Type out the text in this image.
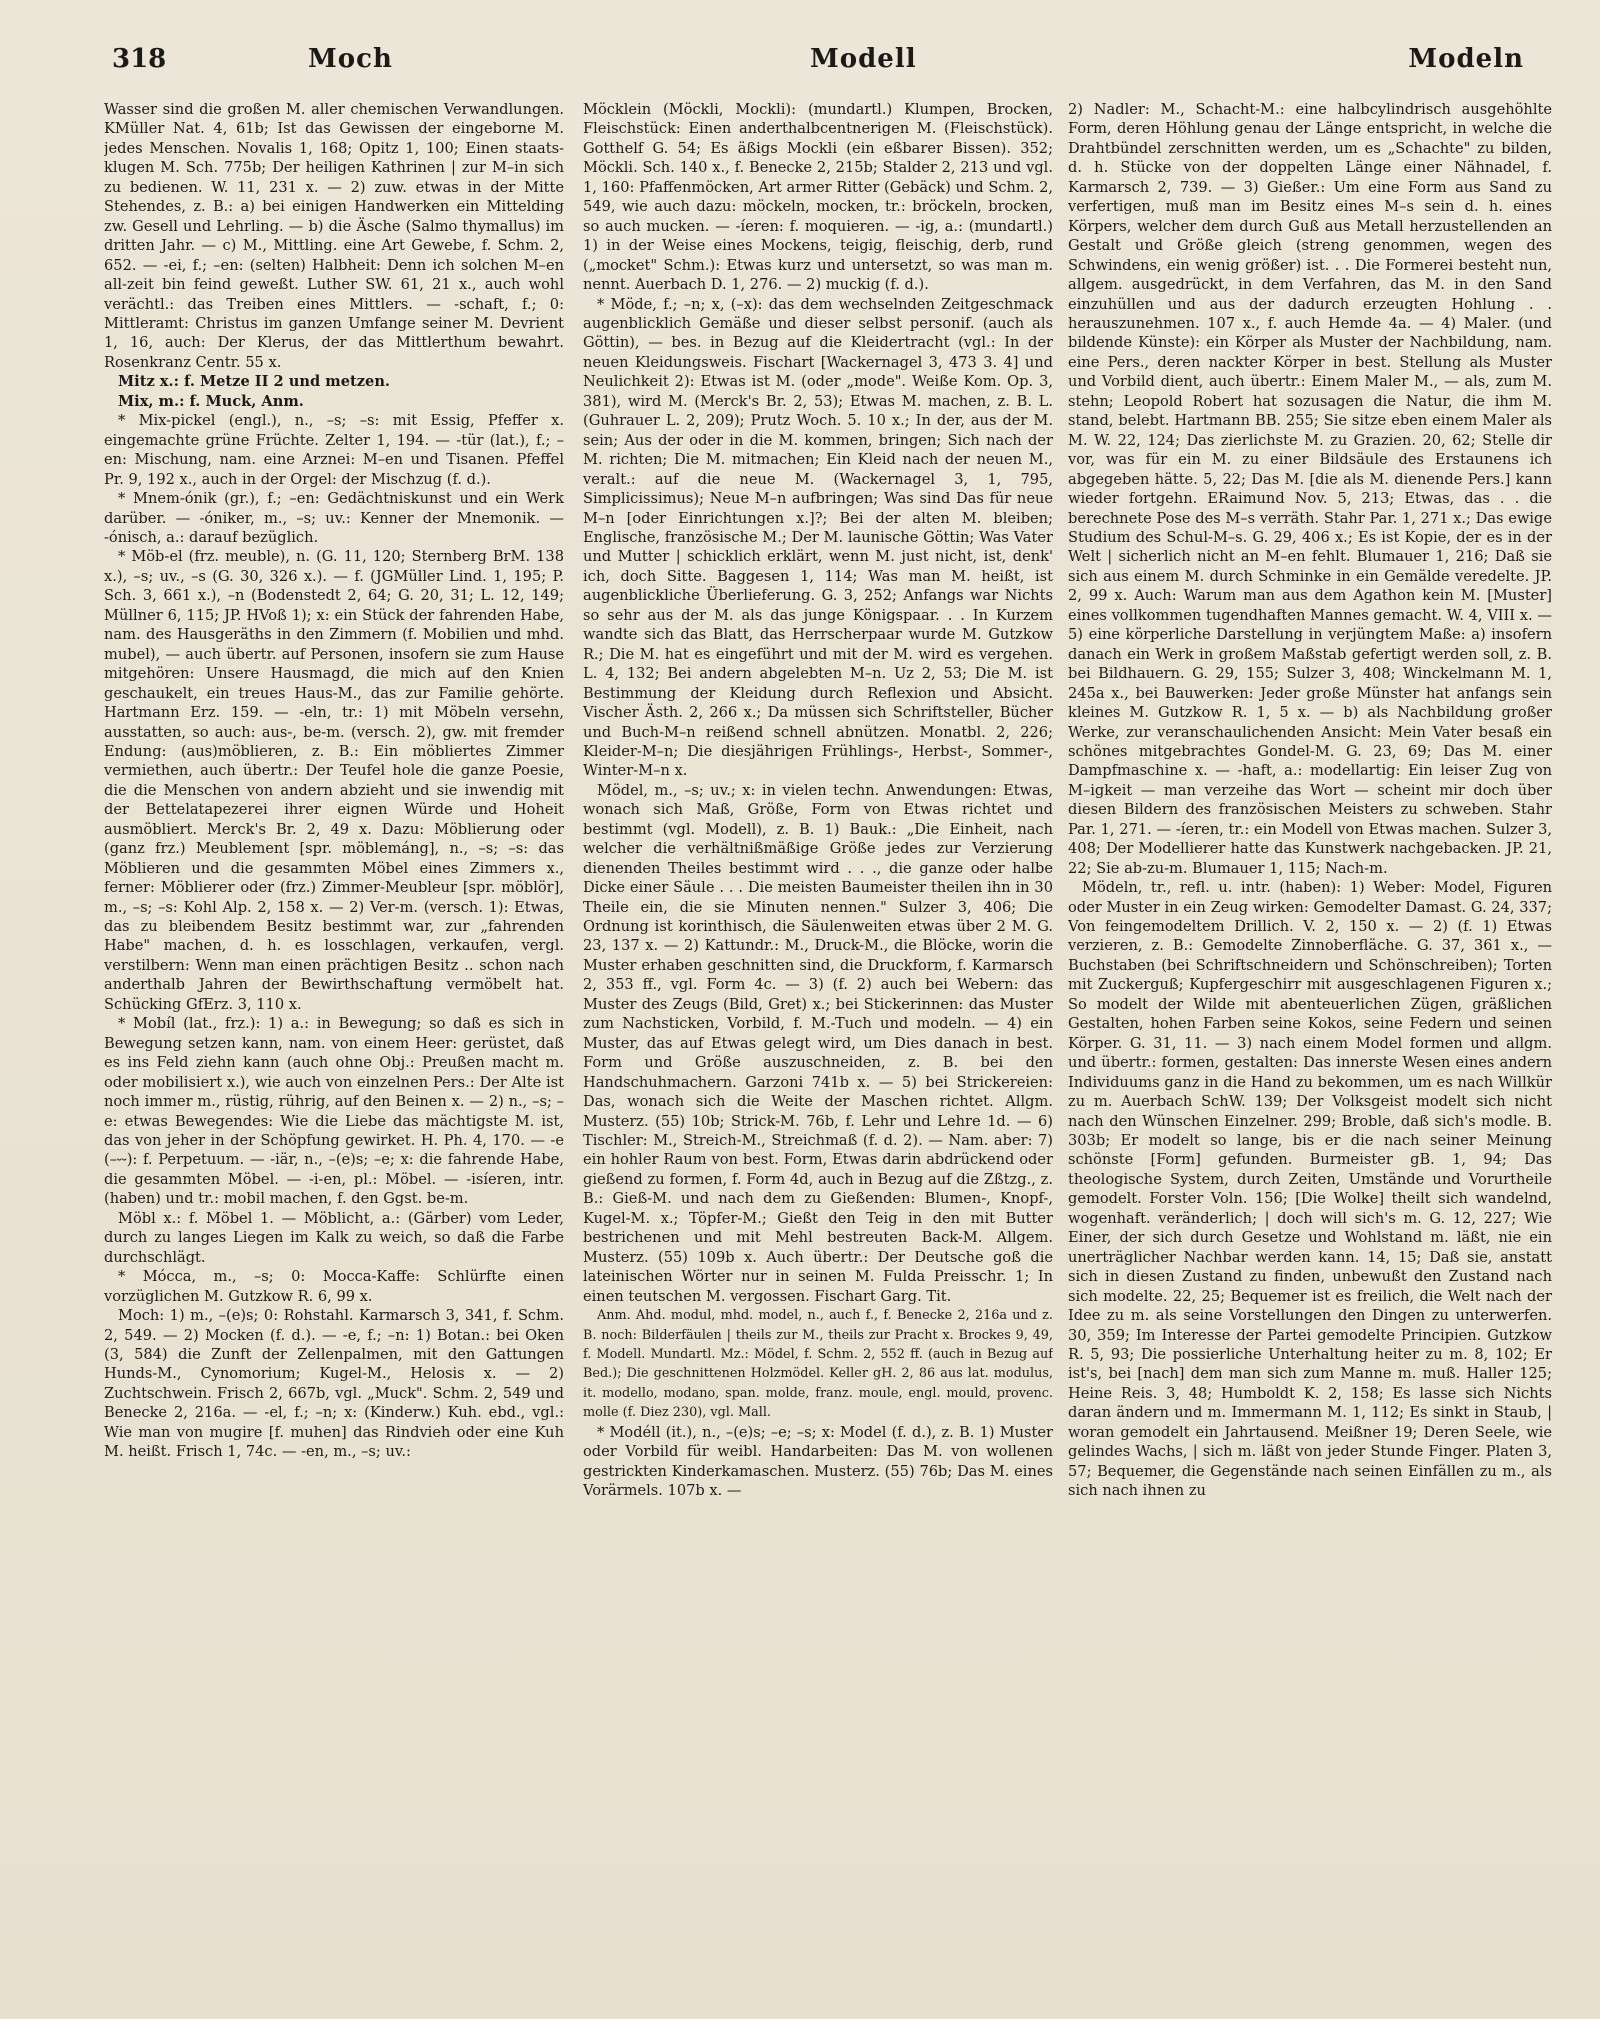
318	Moch	Modell	Modeln

Wasser sind die großen M. aller chemischen Verwandlungen. KMüller Nat. 4, 61b; Ist das Gewissen der eingeborne M. jedes Menschen. Novalis 1, 168; Opitz 1, 100; Einen staats-klugen M. Sch. 775b; Der heiligen Kathrinen | zur M–in sich zu bedienen. W. 11, 231 x. — 2) zuw. etwas in der Mitte Stehendes, z. B.: a) bei einigen Handwerken ein Mittelding zw. Gesell und Lehrling. — b) die Äsche (Salmo thymallus) im dritten Jahr. — c) M., Mittling. eine Art Gewebe, f. Schm. 2, 652. — -ei, f.; –en: (selten) Halbheit: Denn ich solchen M–en all-zeit bin feind geweßt. Luther SW. 61, 21 x., auch wohl verächtl.: das Treiben eines Mittlers. — -schaft, f.; 0: Mittleramt: Christus im ganzen Umfange seiner M. Devrient 1, 16, auch: Der Klerus, der das Mittlerthum bewahrt. Rosenkranz Centr. 55 x.

Mitz x.: f. Metze II 2 und metzen.

Mix, m.: f. Muck, Anm.

* Mix-pickel (engl.), n., –s; –s: mit Essig, Pfeffer x. eingemachte grüne Früchte. Zelter 1, 194. — -tür (lat.), f.; –en: Mischung, nam. eine Arznei: M–en und Tisanen. Pfeffel Pr. 9, 192 x., auch in der Orgel: der Mischzug (f. d.).

* Mnem-ónik (gr.), f.; –en: Gedächtniskunst und ein Werk darüber. — -óniker, m., –s; uv.: Kenner der Mnemonik. — -ónisch, a.: darauf bezüglich.

* Möb-el (frz. meuble), n. (G. 11, 120; Sternberg BrM. 138 x.), –s; uv., –s (G. 30, 326 x.). — f. (JGMüller Lind. 1, 195; P. Sch. 3, 661 x.), –n (Bodenstedt 2, 64; G. 20, 31; L. 12, 149; Müllner 6, 115; JP. HVoß 1); x: ein Stück der fahrenden Habe, nam. des Hausgeräths in den Zimmern (f. Mobilien und mhd. mubel), — auch übertr. auf Personen, insofern sie zum Hause mitgehören: Unsere Hausmagd, die mich auf den Knien geschaukelt, ein treues Haus-M., das zur Familie gehörte. Hartmann Erz. 159. — -eln, tr.: 1) mit Möbeln versehn, ausstatten, so auch: aus-, be-m. (versch. 2), gw. mit fremder Endung: (aus)möblieren, z. B.: Ein möbliertes Zimmer vermiethen, auch übertr.: Der Teufel hole die ganze Poesie, die die Menschen von andern abzieht und sie inwendig mit der Bettelatapezerei ihrer eignen Würde und Hoheit ausmöbliert. Merck's Br. 2, 49 x. Dazu: Möblierung oder (ganz frz.) Meublement [spr. möblemáng], n., –s; –s: das Möblieren und die gesammten Möbel eines Zimmers x., ferner: Möblierer oder (frz.) Zimmer-Meubleur [spr. möblör], m., –s; –s: Kohl Alp. 2, 158 x. — 2) Ver-m. (versch. 1): Etwas, das zu bleibendem Besitz bestimmt war, zur „fahrenden Habe" machen, d. h. es losschlagen, verkaufen, vergl. verstilbern: Wenn man einen prächtigen Besitz .. schon nach anderthalb Jahren der Bewirthschaftung vermöbelt hat. Schücking GfErz. 3, 110 x.

* Mobíl (lat., frz.): 1) a.: in Bewegung; so daß es sich in Bewegung setzen kann, nam. von einem Heer: gerüstet, daß es ins Feld ziehn kann (auch ohne Obj.: Preußen macht m. oder mobilisiert x.), wie auch von einzelnen Pers.: Der Alte ist noch immer m., rüstig, rührig, auf den Beinen x. — 2) n., –s; –e: etwas Bewegendes: Wie die Liebe das mächtigste M. ist, das von jeher in der Schöpfung gewirket. H. Ph. 4, 170. — -e (–⏑⏑): f. Perpetuum. — -iär, n., –(e)s; –e; x: die fahrende Habe, die gesammten Möbel. — -i-en, pl.: Möbel. — -isíeren, intr. (haben) und tr.: mobil machen, f. den Ggst. be-m.

Möbl x.: f. Möbel 1. — Möblicht, a.: (Gärber) vom Leder, durch zu langes Liegen im Kalk zu weich, so daß die Farbe durchschlägt.

* Mócca, m., –s; 0: Mocca-Kaffe: Schlürfte einen vorzüglichen M. Gutzkow R. 6, 99 x.

Moch: 1) m., –(e)s; 0: Rohstahl. Karmarsch 3, 341, f. Schm. 2, 549. — 2) Mocken (f. d.). — -e, f.; –n: 1) Botan.: bei Oken (3, 584) die Zunft der Zellenpalmen, mit den Gattungen Hunds-M., Cynomorium; Kugel-M., Helosis x. — 2) Zuchtschwein. Frisch 2, 667b, vgl. „Muck". Schm. 2, 549 und Benecke 2, 216a. — -el, f.; –n; x: (Kinderw.) Kuh. ebd., vgl.: Wie man von mugire [f. muhen] das Rindvieh oder eine Kuh M. heißt. Frisch 1, 74c. — -en, m., –s; uv.:

Möcklein (Möckli, Mockli): (mundartl.) Klumpen, Brocken, Fleischstück: Einen anderthalbcentnerigen M. (Fleischstück). Gotthelf G. 54; Es äßigs Mockli (ein eßbarer Bissen). 352; Möckli. Sch. 140 x., f. Benecke 2, 215b; Stalder 2, 213 und vgl. 1, 160: Pfaffenmöcken, Art armer Ritter (Gebäck) und Schm. 2, 549, wie auch dazu: möckeln, mocken, tr.: bröckeln, brocken, so auch mucken. — -íeren: f. moquieren. — -ig, a.: (mundartl.) 1) in der Weise eines Mockens, teigig, fleischig, derb, rund („mocket" Schm.): Etwas kurz und untersetzt, so was man m. nennt. Auerbach D. 1, 276. — 2) muckig (f. d.).

* Möde, f.; –n; x, (–x): das dem wechselnden Zeitgeschmack augenblicklich Gemäße und dieser selbst personif. (auch als Göttin), — bes. in Bezug auf die Kleidertracht (vgl.: In der neuen Kleidungsweis. Fischart [Wackernagel 3, 473 3. 4] und Neulichkeit 2): Etwas ist M. (oder „mode". Weiße Kom. Op. 3, 381), wird M. (Merck's Br. 2, 53); Etwas M. machen, z. B. L. (Guhrauer L. 2, 209); Prutz Woch. 5. 10 x.; In der, aus der M. sein; Aus der oder in die M. kommen, bringen; Sich nach der M. richten; Die M. mitmachen; Ein Kleid nach der neuen M., veralt.: auf die neue M. (Wackernagel 3, 1, 795, Simplicissimus); Neue M–n aufbringen; Was sind Das für neue M–n [oder Einrichtungen x.]?; Bei der alten M. bleiben; Englische, französische M.; Der M. launische Göttin; Was Vater und Mutter | schicklich erklärt, wenn M. just nicht, ist, denk' ich, doch Sitte. Baggesen 1, 114; Was man M. heißt, ist augenblickliche Überlieferung. G. 3, 252; Anfangs war Nichts so sehr aus der M. als das junge Königspaar. . . In Kurzem wandte sich das Blatt, das Herrscherpaar wurde M. Gutzkow R.; Die M. hat es eingeführt und mit der M. wird es vergehen. L. 4, 132; Bei andern abgelebten M–n. Uz 2, 53; Die M. ist Bestimmung der Kleidung durch Reflexion und Absicht. Vischer Ästh. 2, 266 x.; Da müssen sich Schriftsteller, Bücher und Buch-M–n reißend schnell abnützen. Monatbl. 2, 226; Kleider-M–n; Die diesjährigen Frühlings-, Herbst-, Sommer-, Winter-M–n x.

Mödel, m., –s; uv.; x: in vielen techn. Anwendungen: Etwas, wonach sich Maß, Größe, Form von Etwas richtet und bestimmt (vgl. Modell), z. B. 1) Bauk.: „Die Einheit, nach welcher die verhältnißmäßige Größe jedes zur Verzierung dienenden Theiles bestimmt wird . . ., die ganze oder halbe Dicke einer Säule . . . Die meisten Baumeister theilen ihn in 30 Theile ein, die sie Minuten nennen." Sulzer 3, 406; Die Ordnung ist korinthisch, die Säulenweiten etwas über 2 M. G. 23, 137 x. — 2) Kattundr.: M., Druck-M., die Blöcke, worin die Muster erhaben geschnitten sind, die Druckform, f. Karmarsch 2, 353 ff., vgl. Form 4c. — 3) (f. 2) auch bei Webern: das Muster des Zeugs (Bild, Gret) x.; bei Stickerinnen: das Muster zum Nachsticken, Vorbild, f. M.-Tuch und modeln. — 4) ein Muster, das auf Etwas gelegt wird, um Dies danach in best. Form und Größe auszuschneiden, z. B. bei den Handschuhmachern. Garzoni 741b x. — 5) bei Strickereien: Das, wonach sich die Weite der Maschen richtet. Allgm. Musterz. (55) 10b; Strick-M. 76b, f. Lehr und Lehre 1d. — 6) Tischler: M., Streich-M., Streichmaß (f. d. 2). — Nam. aber: 7) ein hohler Raum von best. Form, Etwas darin abdrückend oder gießend zu formen, f. Form 4d, auch in Bezug auf die Zßtzg., z. B.: Gieß-M. und nach dem zu Gießenden: Blumen-, Knopf-, Kugel-M. x.; Töpfer-M.; Gießt den Teig in den mit Butter bestrichenen und mit Mehl bestreuten Back-M. Allgem. Musterz. (55) 109b x. Auch übertr.: Der Deutsche goß die lateinischen Wörter nur in seinen M. Fulda Preisschr. 1; In einen teutschen M. vergossen. Fischart Garg. Tit.

Anm. Ahd. modul, mhd. model, n., auch f., f. Benecke 2, 216a und z. B. noch: Bilderfäulen | theils zur M., theils zur Pracht x. Brockes 9, 49, f. Modell. Mundartl. Mz.: Mödel, f. Schm. 2, 552 ff. (auch in Bezug auf Bed.); Die geschnittenen Holzmödel. Keller gH. 2, 86 aus lat. modulus, it. modello, modano, span. molde, franz. moule, engl. mould, provenc. molle (f. Diez 230), vgl. Mall.

* Modéll (it.), n., –(e)s; –e; –s; x: Model (f. d.), z. B. 1) Muster oder Vorbild für weibl. Handarbeiten: Das M. von wollenen gestrickten Kinderkamaschen. Musterz. (55) 76b; Das M. eines Vorärmels. 107b x. —

2) Nadler: M., Schacht-M.: eine halbcylindrisch ausgehöhlte Form, deren Höhlung genau der Länge entspricht, in welche die Drahtbündel zerschnitten werden, um es „Schachte" zu bilden, d. h. Stücke von der doppelten Länge einer Nähnadel, f. Karmarsch 2, 739. — 3) Gießer.: Um eine Form aus Sand zu verfertigen, muß man im Besitz eines M–s sein d. h. eines Körpers, welcher dem durch Guß aus Metall herzustellenden an Gestalt und Größe gleich (streng genommen, wegen des Schwindens, ein wenig größer) ist. . . Die Formerei besteht nun, allgem. ausgedrückt, in dem Verfahren, das M. in den Sand einzuhüllen und aus der dadurch erzeugten Hohlung . . herauszunehmen. 107 x., f. auch Hemde 4a. — 4) Maler. (und bildende Künste): ein Körper als Muster der Nachbildung, nam. eine Pers., deren nackter Körper in best. Stellung als Muster und Vorbild dient, auch übertr.: Einem Maler M., — als, zum M. stehn; Leopold Robert hat sozusagen die Natur, die ihm M. stand, belebt. Hartmann BB. 255; Sie sitze eben einem Maler als M. W. 22, 124; Das zierlichste M. zu Grazien. 20, 62; Stelle dir vor, was für ein M. zu einer Bildsäule des Erstaunens ich abgegeben hätte. 5, 22; Das M. [die als M. dienende Pers.] kann wieder fortgehn. ERaimund Nov. 5, 213; Etwas, das . . die berechnete Pose des M–s verräth. Stahr Par. 1, 271 x.; Das ewige Studium des Schul-M–s. G. 29, 406 x.; Es ist Kopie, der es in der Welt | sicherlich nicht an M–en fehlt. Blumauer 1, 216; Daß sie sich aus einem M. durch Schminke in ein Gemälde veredelte. JP. 2, 99 x. Auch: Warum man aus dem Agathon kein M. [Muster] eines vollkommen tugendhaften Mannes gemacht. W. 4, VIII x. — 5) eine körperliche Darstellung in verjüngtem Maße: a) insofern danach ein Werk in großem Maßstab gefertigt werden soll, z. B. bei Bildhauern. G. 29, 155; Sulzer 3, 408; Winckelmann M. 1, 245a x., bei Bauwerken: Jeder große Münster hat anfangs sein kleines M. Gutzkow R. 1, 5 x. — b) als Nachbildung großer Werke, zur veranschaulichenden Ansicht: Mein Vater besaß ein schönes mitgebrachtes Gondel-M. G. 23, 69; Das M. einer Dampfmaschine x. — -haft, a.: modellartig: Ein leiser Zug von M–igkeit — man verzeihe das Wort — scheint mir doch über diesen Bildern des französischen Meisters zu schweben. Stahr Par. 1, 271. — -íeren, tr.: ein Modell von Etwas machen. Sulzer 3, 408; Der Modellierer hatte das Kunstwerk nachgebacken. JP. 21, 22; Sie ab-zu-m. Blumauer 1, 115; Nach-m.

Mödeln, tr., refl. u. intr. (haben): 1) Weber: Model, Figuren oder Muster in ein Zeug wirken: Gemodelter Damast. G. 24, 337; Von feingemodeltem Drillich. V. 2, 150 x. — 2) (f. 1) Etwas verzieren, z. B.: Gemodelte Zinnoberfläche. G. 37, 361 x., — Buchstaben (bei Schriftschneidern und Schönschreiben); Torten mit Zuckerguß; Kupfergeschirr mit ausgeschlagenen Figuren x.; So modelt der Wilde mit abenteuerlichen Zügen, gräßlichen Gestalten, hohen Farben seine Kokos, seine Federn und seinen Körper. G. 31, 11. — 3) nach einem Model formen und allgm. und übertr.: formen, gestalten: Das innerste Wesen eines andern Individuums ganz in die Hand zu bekommen, um es nach Willkür zu m. Auerbach SchW. 139; Der Volksgeist modelt sich nicht nach den Wünschen Einzelner. 299; Broble, daß sich's modle. B. 303b; Er modelt so lange, bis er die nach seiner Meinung schönste [Form] gefunden. Burmeister gB. 1, 94; Das theologische System, durch Zeiten, Umstände und Vorurtheile gemodelt. Forster Voln. 156; [Die Wolke] theilt sich wandelnd, wogenhaft. veränderlich; | doch will sich's m. G. 12, 227; Wie Einer, der sich durch Gesetze und Wohlstand m. läßt, nie ein unerträglicher Nachbar werden kann. 14, 15; Daß sie, anstatt sich in diesen Zustand zu finden, unbewußt den Zustand nach sich modelte. 22, 25; Bequemer ist es freilich, die Welt nach der Idee zu m. als seine Vorstellungen den Dingen zu unterwerfen. 30, 359; Im Interesse der Partei gemodelte Principien. Gutzkow R. 5, 93; Die possierliche Unterhaltung heiter zu m. 8, 102; Er ist's, bei [nach] dem man sich zum Manne m. muß. Haller 125; Heine Reis. 3, 48; Humboldt K. 2, 158; Es lasse sich Nichts daran ändern und m. Immermann M. 1, 112; Es sinkt in Staub, | woran gemodelt ein Jahrtausend. Meißner 19; Deren Seele, wie gelindes Wachs, | sich m. läßt von jeder Stunde Finger. Platen 3, 57; Bequemer, die Gegenstände nach seinen Einfällen zu m., als sich nach ihnen zu
